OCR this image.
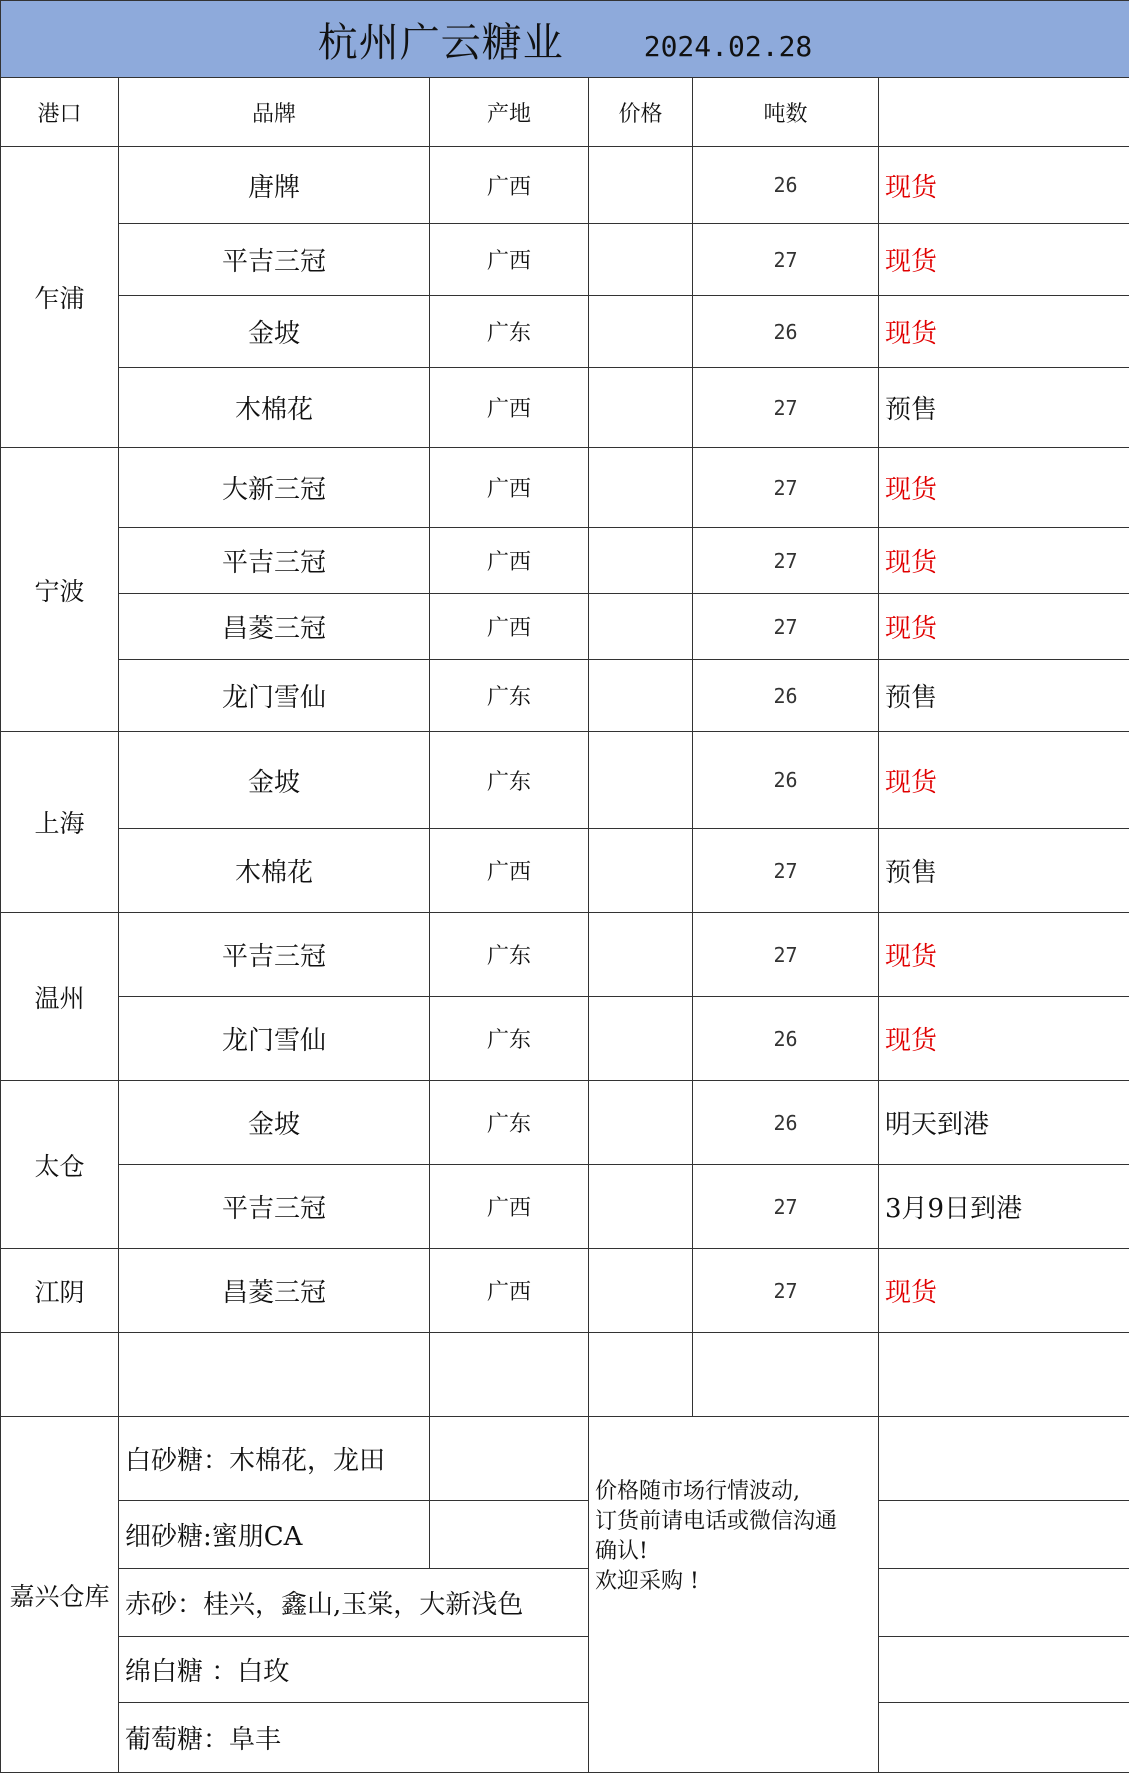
杭州广云糖业 2024.02.28					
港口	品牌	产地	价格	吨数	
乍浦	唐牌	广西		26	现货
	平吉三冠	广西		27	现货
	金坡	广东		26	现货
	木棉花	广西		27	预售
宁波	大新三冠	广西		27	现货
	平吉三冠	广西		27	现货
	昌菱三冠	广西		27	现货
	龙门雪仙	广东		26	预售
上海	金坡	广东		26	现货
	木棉花	广西		27	预售
温州	平吉三冠	广东		27	现货
	龙门雪仙	广东		26	现货
太仓	金坡	广东		26	明天到港
	平吉三冠	广西		27	3月9日到港
江阴	昌菱三冠	广西		27	现货

嘉兴仓库	白砂糖：木棉花，龙田		价格随市场行情波动,
订货前请电话或微信沟通
确认!
欢迎采购 !		

	细砂糖:蜜朋CA				
	赤砂：桂兴，鑫山,玉棠，大新浅色				
	绵白糖 ：白玫				
	葡萄糖：阜丰				
